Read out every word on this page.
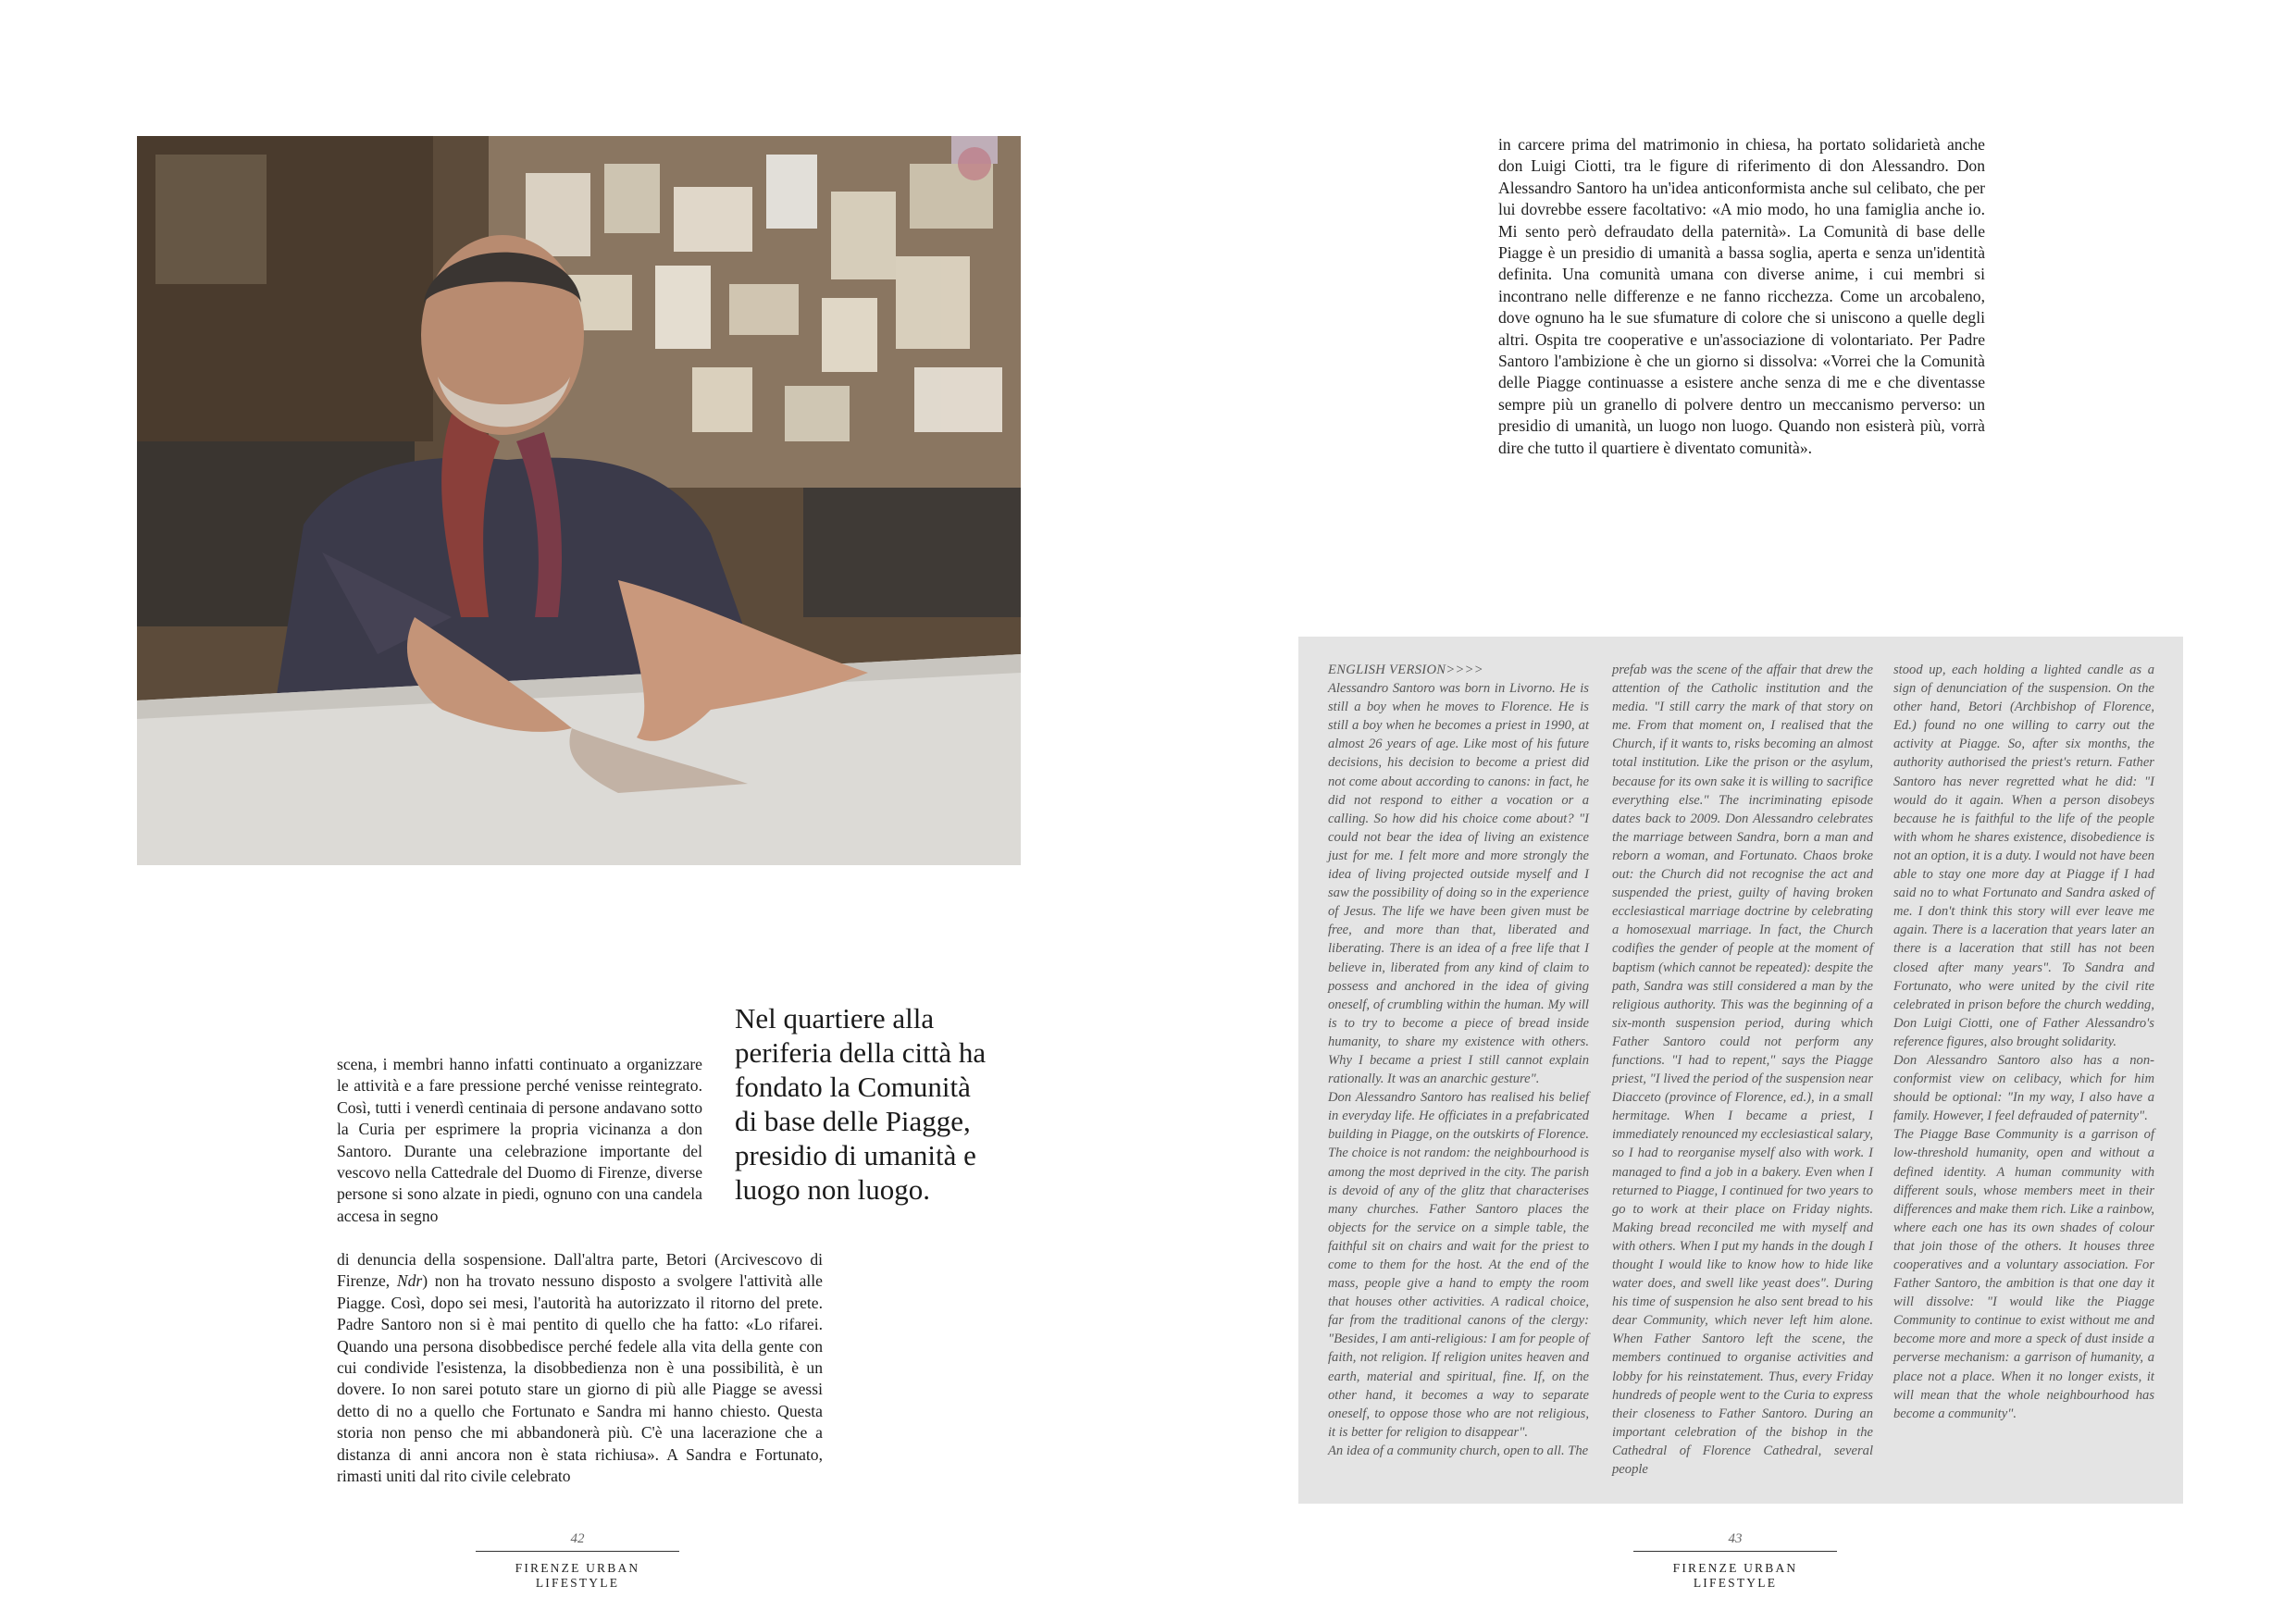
Nel quartiere alla
periferia della città ha
fondato la Comunità
di base delle Piagge,
presidio di umanità e
luogo non luogo.
scena, i membri hanno infatti continuato a organizzare le attività e a fare pressione perché venisse reintegrato. Così, tutti i venerdì centinaia di persone andavano sotto la Curia per esprimere la propria vicinanza a don Santoro. Durante una celebrazione importante del vescovo nella Cattedrale del Duomo di Firenze, diverse persone si sono alzate in piedi, ognuno con una candela accesa in segno
di denuncia della sospensione. Dall'altra parte, Betori (Arcivescovo di Firenze, Ndr) non ha trovato nessuno disposto a svolgere l'attività alle Piagge. Così, dopo sei mesi, l'autorità ha autorizzato il ritorno del prete. Padre Santoro non si è mai pentito di quello che ha fatto: «Lo rifarei. Quando una persona disobbedisce perché fedele alla vita della gente con cui condivide l'esistenza, la disobbedienza non è una possibilità, è un dovere. Io non sarei potuto stare un giorno di più alle Piagge se avessi detto di no a quello che Fortunato e Sandra mi hanno chiesto. Questa storia non penso che mi abbandonerà più. C'è una lacerazione che a distanza di anni ancora non è stata richiusa». A Sandra e Fortunato, rimasti uniti dal rito civile celebrato
42
FIRENZE URBAN LIFESTYLE
in carcere prima del matrimonio in chiesa, ha portato solidarietà anche don Luigi Ciotti, tra le figure di riferimento di don Alessandro. Don Alessandro Santoro ha un'idea anticonformista anche sul celibato, che per lui dovrebbe essere facoltativo: «A mio modo, ho una famiglia anche io. Mi sento però defraudato della paternità». La Comunità di base delle Piagge è un presidio di umanità a bassa soglia, aperta e senza un'identità definita. Una comunità umana con diverse anime, i cui membri si incontrano nelle differenze e ne fanno ricchezza. Come un arcobaleno, dove ognuno ha le sue sfumature di colore che si uniscono a quelle degli altri. Ospita tre cooperative e un'associazione di volontariato. Per Padre Santoro l'ambizione è che un giorno si dissolva: «Vorrei che la Comunità delle Piagge continuasse a esistere anche senza di me e che diventasse sempre più un granello di polvere dentro un meccanismo perverso: un presidio di umanità, un luogo non luogo. Quando non esisterà più, vorrà dire che tutto il quartiere è diventato comunità».

ENGLISH VERSION>>>>

Alessandro Santoro was born in Livorno. He is still a boy when he moves to Florence. He is still a boy when he becomes a priest in 1990, at almost 26 years of age. Like most of his future decisions, his decision to become a priest did not come about according to canons: in fact, he did not respond to either a vocation or a calling. So how did his choice come about? "I could not bear the idea of living an existence just for me. I felt more and more strongly the idea of living projected outside myself and I saw the possibility of doing so in the experience of Jesus. The life we have been given must be free, and more than that, liberated and liberating. There is an idea of a free life that I believe in, liberated from any kind of claim to possess and anchored in the idea of giving oneself, of crumbling within the human. My will is to try to become a piece of bread inside humanity, to share my existence with others. Why I became a priest I still cannot explain rationally. It was an anarchic gesture".

Don Alessandro Santoro has realised his belief in everyday life. He officiates in a prefabricated building in Piagge, on the outskirts of Florence. The choice is not random: the neighbourhood is among the most deprived in the city. The parish is devoid of any of the glitz that characterises many churches. Father Santoro places the objects for the service on a simple table, the faithful sit on chairs and wait for the priest to come to them for the host. At the end of the mass, people give a hand to empty the room that houses other activities. A radical choice, far from the traditional canons of the clergy: "Besides, I am anti-religious: I am for people of faith, not religion. If religion unites heaven and earth, material and spiritual, fine. If, on the other hand, it becomes a way to separate oneself, to oppose those who are not religious, it is better for religion to disappear".

An idea of a community church, open to all. The

prefab was the scene of the affair that drew the attention of the Catholic institution and the media. "I still carry the mark of that story on me. From that moment on, I realised that the Church, if it wants to, risks becoming an almost total institution. Like the prison or the asylum, because for its own sake it is willing to sacrifice everything else." The incriminating episode dates back to 2009. Don Alessandro celebrates the marriage between Sandra, born a man and reborn a woman, and Fortunato. Chaos broke out: the Church did not recognise the act and suspended the priest, guilty of having broken ecclesiastical marriage doctrine by celebrating a homosexual marriage. In fact, the Church codifies the gender of people at the moment of baptism (which cannot be repeated): despite the path, Sandra was still considered a man by the religious authority. This was the beginning of a six-month suspension period, during which Father Santoro could not perform any functions. "I had to repent," says the Piagge priest, "I lived the period of the suspension near Diacceto (province of Florence, ed.), in a small hermitage. When I became a priest, I immediately renounced my ecclesiastical salary, so I had to reorganise myself also with work. I managed to find a job in a bakery. Even when I returned to Piagge, I continued for two years to go to work at their place on Friday nights. Making bread reconciled me with myself and with others. When I put my hands in the dough I thought I would like to know how to hide like water does, and swell like yeast does". During his time of suspension he also sent bread to his dear Community, which never left him alone. When Father Santoro left the scene, the members continued to organise activities and lobby for his reinstatement. Thus, every Friday hundreds of people went to the Curia to express their closeness to Father Santoro. During an important celebration of the bishop in the Cathedral of Florence Cathedral, several people

stood up, each holding a lighted candle as a sign of denunciation of the suspension. On the other hand, Betori (Archbishop of Florence, Ed.) found no one willing to carry out the activity at Piagge. So, after six months, the authority authorised the priest's return. Father Santoro has never regretted what he did: "I would do it again. When a person disobeys because he is faithful to the life of the people with whom he shares existence, disobedience is not an option, it is a duty. I would not have been able to stay one more day at Piagge if I had said no to what Fortunato and Sandra asked of me. I don't think this story will ever leave me again. There is a laceration that years later an there is a laceration that still has not been closed after many years". To Sandra and Fortunato, who were united by the civil rite celebrated in prison before the church wedding, Don Luigi Ciotti, one of Father Alessandro's reference figures, also brought solidarity.

Don Alessandro Santoro also has a non-conformist view on celibacy, which for him should be optional: "In my way, I also have a family. However, I feel defrauded of paternity".

The Piagge Base Community is a garrison of low-threshold humanity, open and without a defined identity. A human community with different souls, whose members meet in their differences and make them rich. Like a rainbow, where each one has its own shades of colour that join those of the others. It houses three cooperatives and a voluntary association. For Father Santoro, the ambition is that one day it will dissolve: "I would like the Piagge Community to continue to exist without me and become more and more a speck of dust inside a perverse mechanism: a garrison of humanity, a place not a place. When it no longer exists, it will mean that the whole neighbourhood has become a community".

43
FIRENZE URBAN LIFESTYLE
